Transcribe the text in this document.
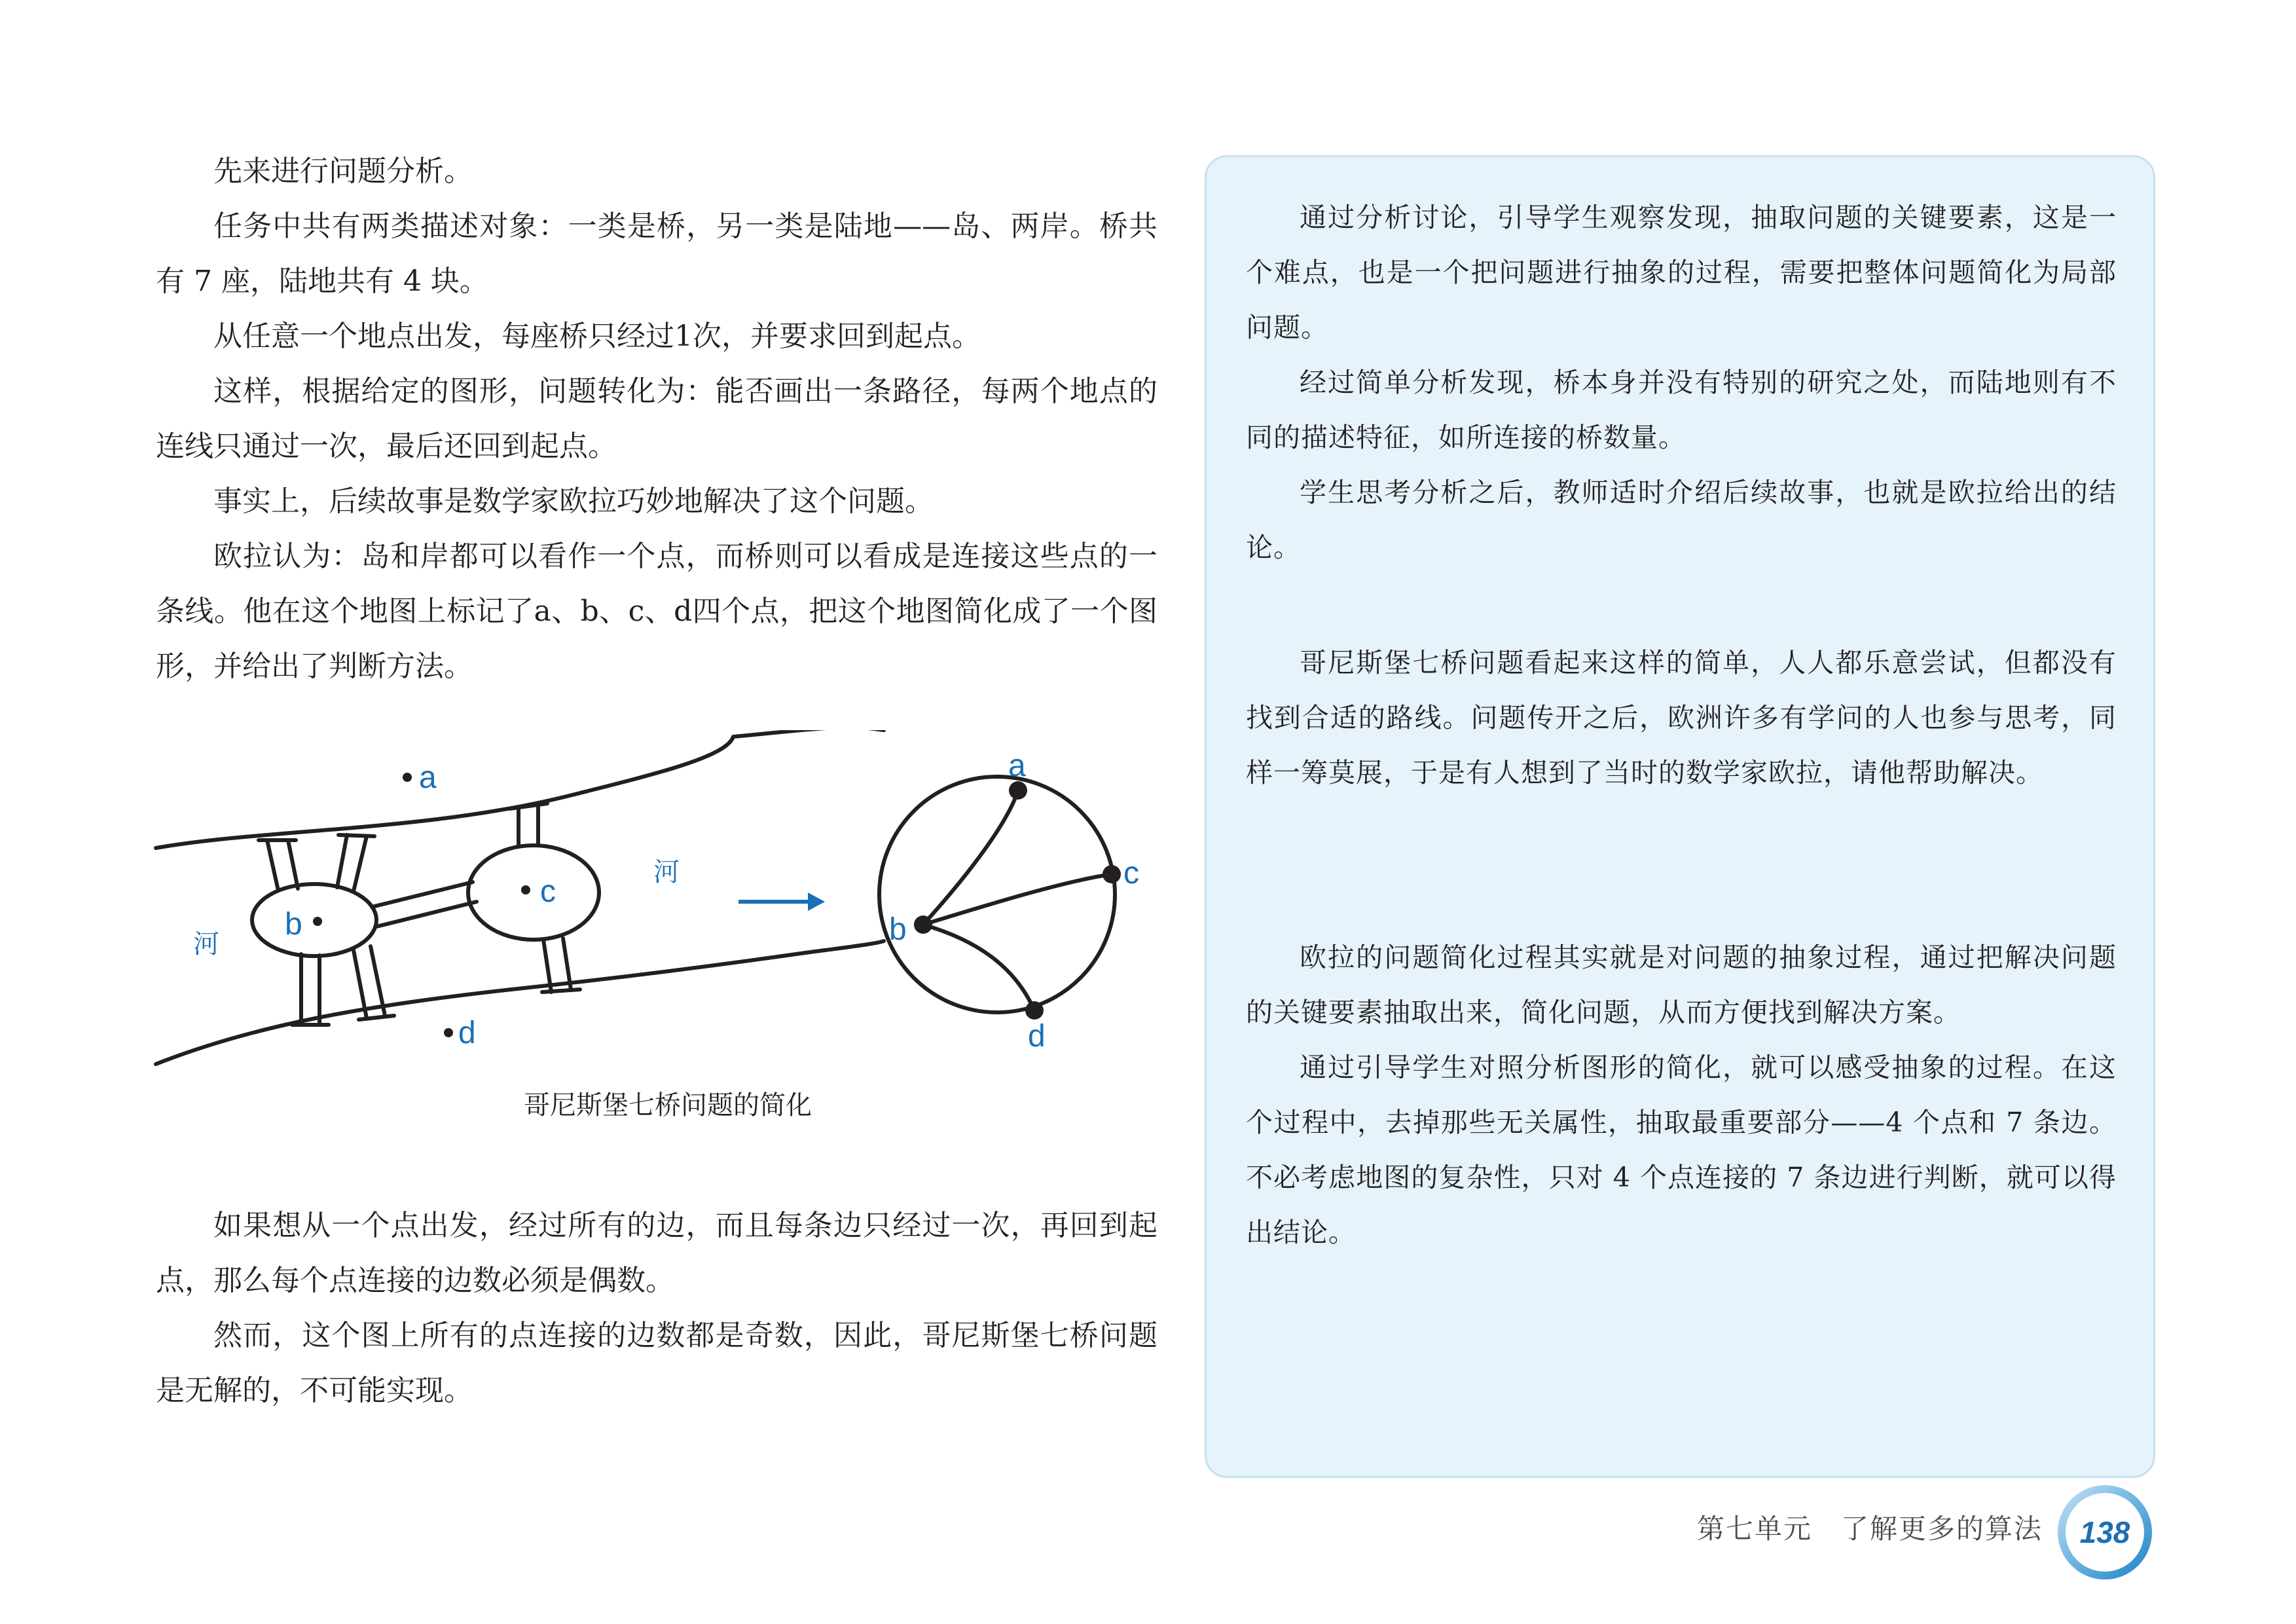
先来进行问题分析。

任务中共有两类描述对象：一类是桥，另一类是陆地——岛、两岸。桥共有 7 座，陆地共有 4 块。

从任意一个地点出发，每座桥只经过1次，并要求回到起点。

这样，根据给定的图形，问题转化为：能否画出一条路径，每两个地点的连线只通过一次，最后还回到起点。

事实上，后续故事是数学家欧拉巧妙地解决了这个问题。

欧拉认为：岛和岸都可以看作一个点，而桥则可以看成是连接这些点的一条线。他在这个地图上标记了a、b、c、d四个点，把这个地图简化成了一个图形，并给出了判断方法。

a
b
c
d
河
河
a
b
c
d
哥尼斯堡七桥问题的简化

如果想从一个点出发，经过所有的边，而且每条边只经过一次，再回到起点，那么每个点连接的边数必须是偶数。

然而，这个图上所有的点连接的边数都是奇数，因此，哥尼斯堡七桥问题是无解的，不可能实现。

通过分析讨论，引导学生观察发现，抽取问题的关键要素，这是一个难点，也是一个把问题进行抽象的过程，需要把整体问题简化为局部问题。

经过简单分析发现，桥本身并没有特别的研究之处，而陆地则有不同的描述特征，如所连接的桥数量。

学生思考分析之后，教师适时介绍后续故事，也就是欧拉给出的结论。

哥尼斯堡七桥问题看起来这样的简单，人人都乐意尝试，但都没有找到合适的路线。问题传开之后，欧洲许多有学问的人也参与思考，同样一筹莫展，于是有人想到了当时的数学家欧拉，请他帮助解决。

欧拉的问题简化过程其实就是对问题的抽象过程，通过把解决问题的关键要素抽取出来，简化问题，从而方便找到解决方案。

通过引导学生对照分析图形的简化，就可以感受抽象的过程。在这个过程中，去掉那些无关属性，抽取最重要部分——4 个点和 7 条边。不必考虑地图的复杂性，只对 4 个点连接的 7 条边进行判断，就可以得出结论。

第七单元　了解更多的算法 138
